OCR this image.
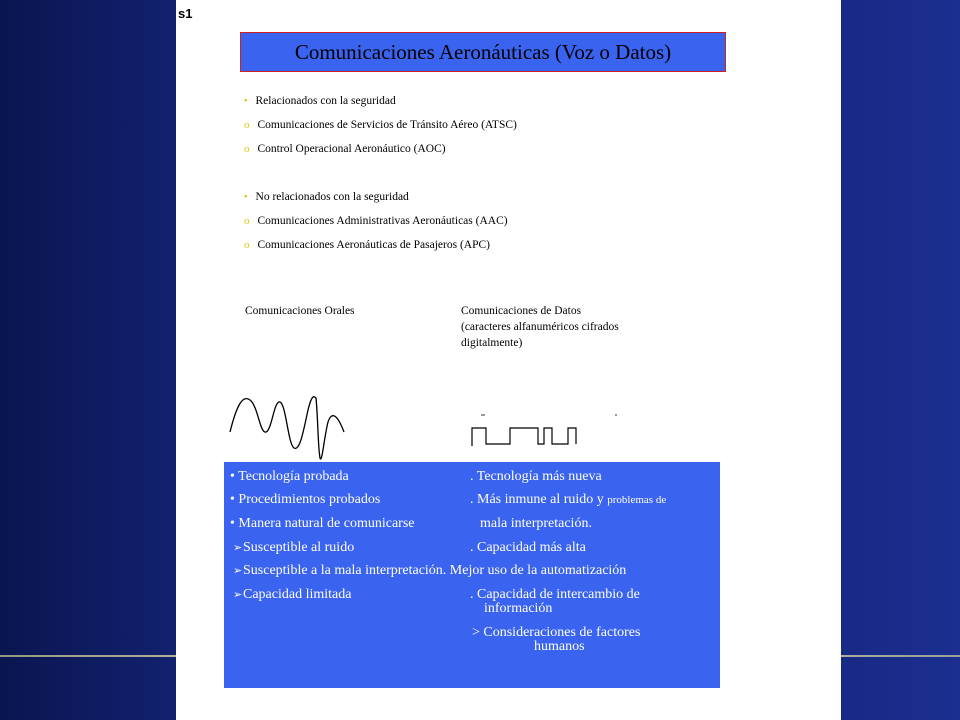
s1
Comunicaciones Aeronáuticas (Voz o Datos)
• Relacionados con la seguridad
o Comunicaciones de Servicios de Tránsito Aéreo (ATSC)
o Control Operacional Aeronáutico (AOC)
• No relacionados con la seguridad
o Comunicaciones Administrativas Aeronáuticas (AAC)
o Comunicaciones Aeronáuticas de Pasajeros (APC)
Comunicaciones Orales	Comunicaciones de Datos
(caracteres alfanuméricos cifrados
digitalmente)
• Tecnología probada	. Tecnología más nueva
• Procedimientos probados	. Más inmune al ruido y problemas de
• Manera natural de comunicarse	mala interpretación.
➢Susceptible al ruido	. Capacidad más alta
➢Susceptible a la mala interpretación. Mejor uso de la automatización
➢Capacidad limitada	. Capacidad de intercambio de
información
> Consideraciones de factores
humanos
